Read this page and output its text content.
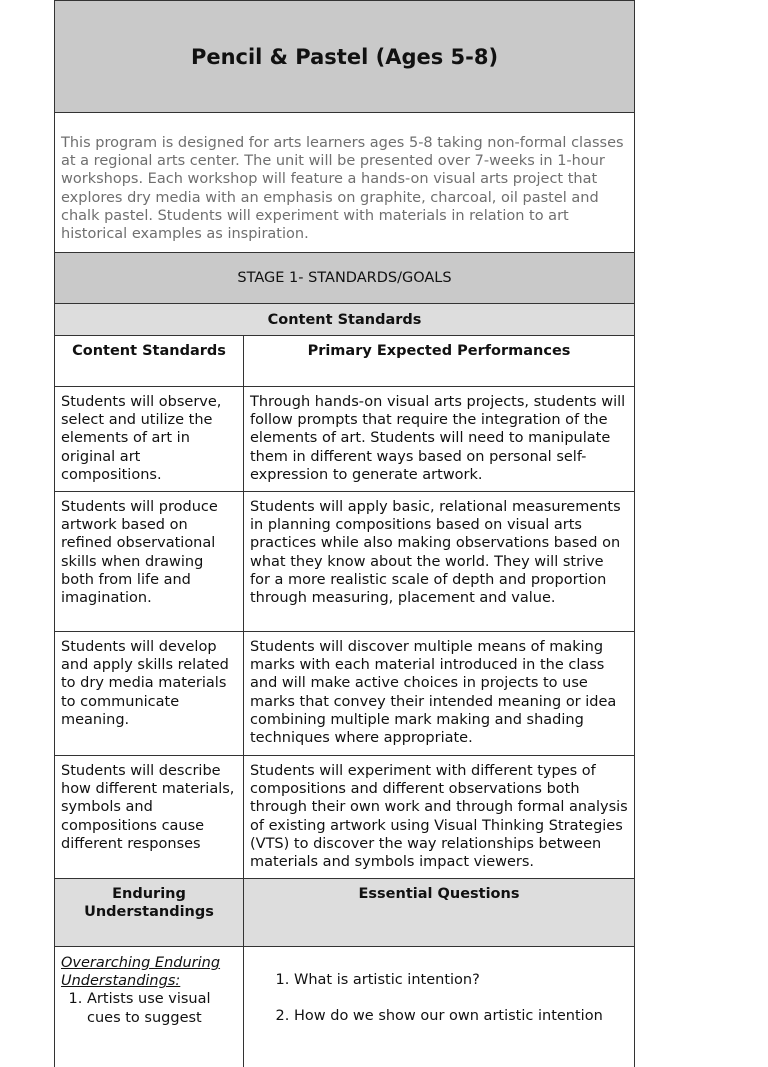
Pencil & Pastel (Ages 5-8)
This program is designed for arts learners ages 5-8 taking non-formal classes at a regional arts center. The unit will be presented over 7-weeks in 1-hour workshops. Each workshop will feature a hands-on visual arts project that explores dry media with an emphasis on graphite, charcoal, oil pastel and chalk pastel. Students will experiment with materials in relation to art historical examples as inspiration.
STAGE 1- STANDARDS/GOALS
Content Standards
Content Standards	Primary Expected Performances
Students will observe, select and utilize the elements of art in original art compositions.
Through hands-on visual arts projects, students will follow prompts that require the integration of the elements of art. Students will need to manipulate them in different ways based on personal self-expression to generate artwork.
Students will produce artwork based on refined observational skills when drawing both from life and imagination.
Students will apply basic, relational measurements in planning compositions based on visual arts practices while also making observations based on what they know about the world. They will strive for a more realistic scale of depth and proportion through measuring, placement and value.
Students will develop and apply skills related to dry media materials to communicate meaning.
Students will discover multiple means of making marks with each material introduced in the class and will make active choices in projects to use marks that convey their intended meaning or idea combining multiple mark making and shading techniques where appropriate.
Students will describe how different materials, symbols and compositions cause different responses
Students will experiment with different types of compositions and different observations both through their own work and through formal analysis of existing artwork using Visual Thinking Strategies (VTS) to discover the way relationships between materials and symbols impact viewers.
Enduring Understandings
Essential Questions
Overarching Enduring Understandings:
1. Artists use visual cues to suggest
1. What is artistic intention?
2. How do we show our own artistic intention
